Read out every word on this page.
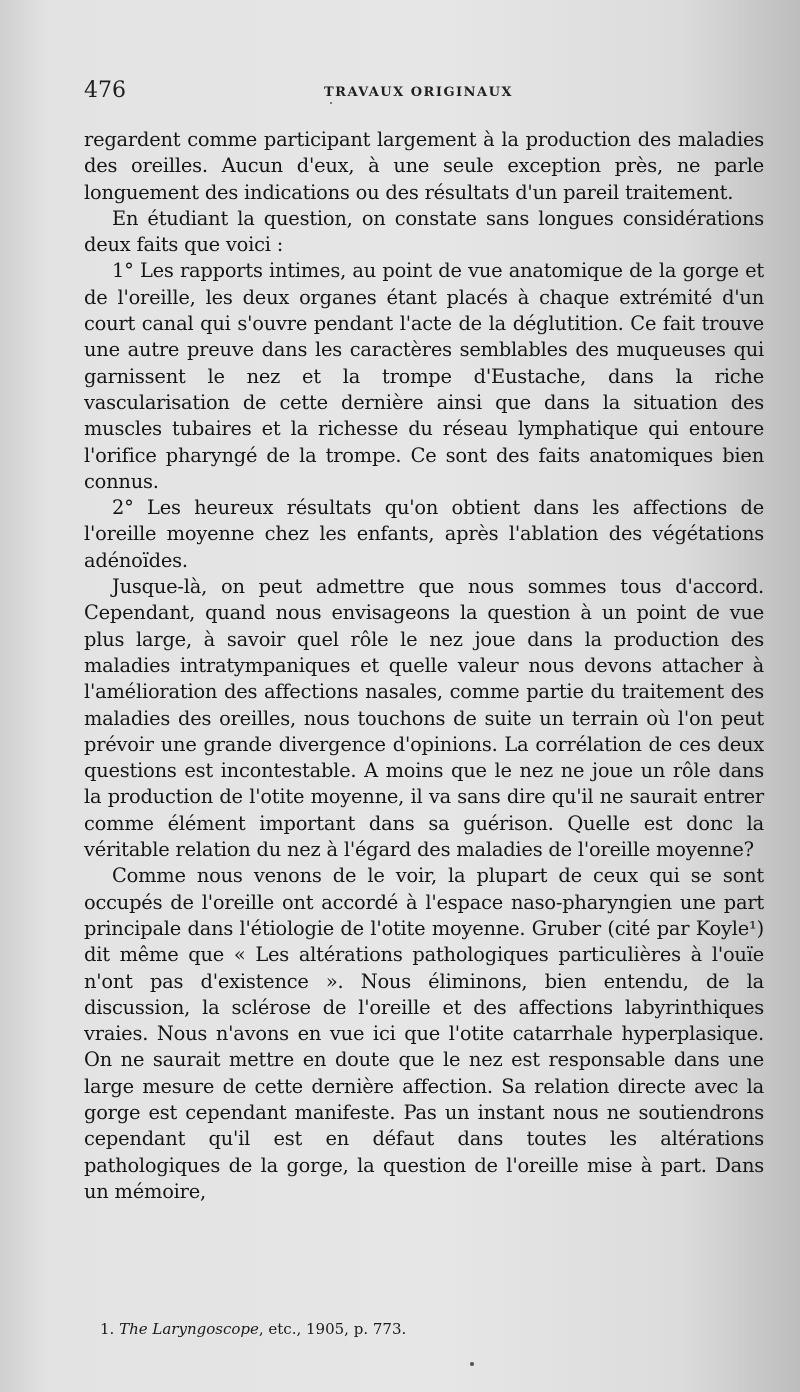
476	TRAVAUX ORIGINAUX

regardent comme participant largement à la production des maladies des oreilles. Aucun d'eux, à une seule exception près, ne parle longuement des indications ou des résultats d'un pareil traitement.

En étudiant la question, on constate sans longues considérations deux faits que voici :

1° Les rapports intimes, au point de vue anatomique de la gorge et de l'oreille, les deux organes étant placés à chaque extrémité d'un court canal qui s'ouvre pendant l'acte de la déglutition. Ce fait trouve une autre preuve dans les caractères semblables des muqueuses qui garnissent le nez et la trompe d'Eustache, dans la riche vascularisation de cette dernière ainsi que dans la situation des muscles tubaires et la richesse du réseau lymphatique qui entoure l'orifice pharyngé de la trompe. Ce sont des faits anatomiques bien connus.

2° Les heureux résultats qu'on obtient dans les affections de l'oreille moyenne chez les enfants, après l'ablation des végétations adénoïdes.

Jusque-là, on peut admettre que nous sommes tous d'accord. Cependant, quand nous envisageons la question à un point de vue plus large, à savoir quel rôle le nez joue dans la production des maladies intratympaniques et quelle valeur nous devons attacher à l'amélioration des affections nasales, comme partie du traitement des maladies des oreilles, nous touchons de suite un terrain où l'on peut prévoir une grande divergence d'opinions. La corrélation de ces deux questions est incontestable. A moins que le nez ne joue un rôle dans la production de l'otite moyenne, il va sans dire qu'il ne saurait entrer comme élément important dans sa guérison. Quelle est donc la véritable relation du nez à l'égard des maladies de l'oreille moyenne?

Comme nous venons de le voir, la plupart de ceux qui se sont occupés de l'oreille ont accordé à l'espace naso-pharyngien une part principale dans l'étiologie de l'otite moyenne. Gruber (cité par Koyle¹) dit même que « Les altérations pathologiques particulières à l'ouïe n'ont pas d'existence ». Nous éliminons, bien entendu, de la discussion, la sclérose de l'oreille et des affections labyrinthiques vraies. Nous n'avons en vue ici que l'otite catarrhale hyperplasique. On ne saurait mettre en doute que le nez est responsable dans une large mesure de cette dernière affection. Sa relation directe avec la gorge est cependant manifeste. Pas un instant nous ne soutiendrons cependant qu'il est en défaut dans toutes les altérations pathologiques de la gorge, la question de l'oreille mise à part. Dans un mémoire,

1. The Laryngoscope, etc., 1905, p. 773.
